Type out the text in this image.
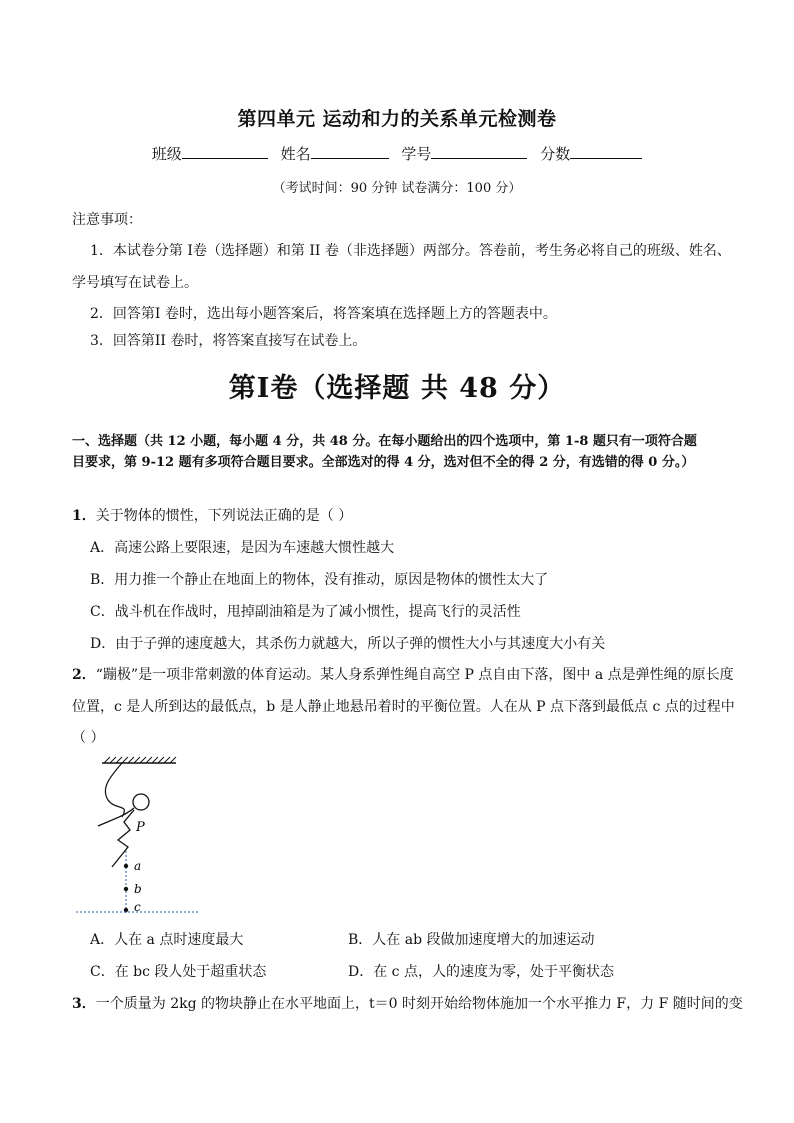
第四单元 运动和力的关系单元检测卷
班级	姓名	学号	分数
（考试时间：90 分钟 试卷满分：100 分）
注意事项：
1．本试卷分第 I卷（选择题）和第 II 卷（非选择题）两部分。答卷前，考生务必将自己的班级、姓名、
学号填写在试卷上。
2．回答第I 卷时，选出每小题答案后，将答案填在选择题上方的答题表中。
3．回答第II 卷时，将答案直接写在试卷上。
第Ⅰ卷（选择题 共 48 分）
一、选择题（共 12 小题，每小题 4 分，共 48 分。在每小题给出的四个选项中，第 1-8 题只有一项符合题
目要求，第 9-12 题有多项符合题目要求。全部选对的得 4 分，选对但不全的得 2 分，有选错的得 0 分。）
1．关于物体的惯性，下列说法正确的是（ ）
A．高速公路上要限速，是因为车速越大惯性越大
B．用力推一个静止在地面上的物体，没有推动，原因是物体的惯性太大了
C．战斗机在作战时，甩掉副油箱是为了减小惯性，提高飞行的灵活性
D．由于子弹的速度越大，其杀伤力就越大，所以子弹的惯性大小与其速度大小有关
2．“蹦极”是一项非常刺激的体育运动。某人身系弹性绳自高空 P 点自由下落，图中 a 点是弹性绳的原长度
位置，c 是人所到达的最低点，b 是人静止地悬吊着时的平衡位置。人在从 P 点下落到最低点 c 点的过程中
（ ）
P
a
b
c
A．人在 a 点时速度最大	B．人在 ab 段做加速度增大的加速运动
C．在 bc 段人处于超重状态	D．在 c 点，人的速度为零，处于平衡状态
3．一个质量为 2kg 的物块静止在水平地面上，t＝0 时刻开始给物体施加一个水平推力 F，力 F 随时间的变
